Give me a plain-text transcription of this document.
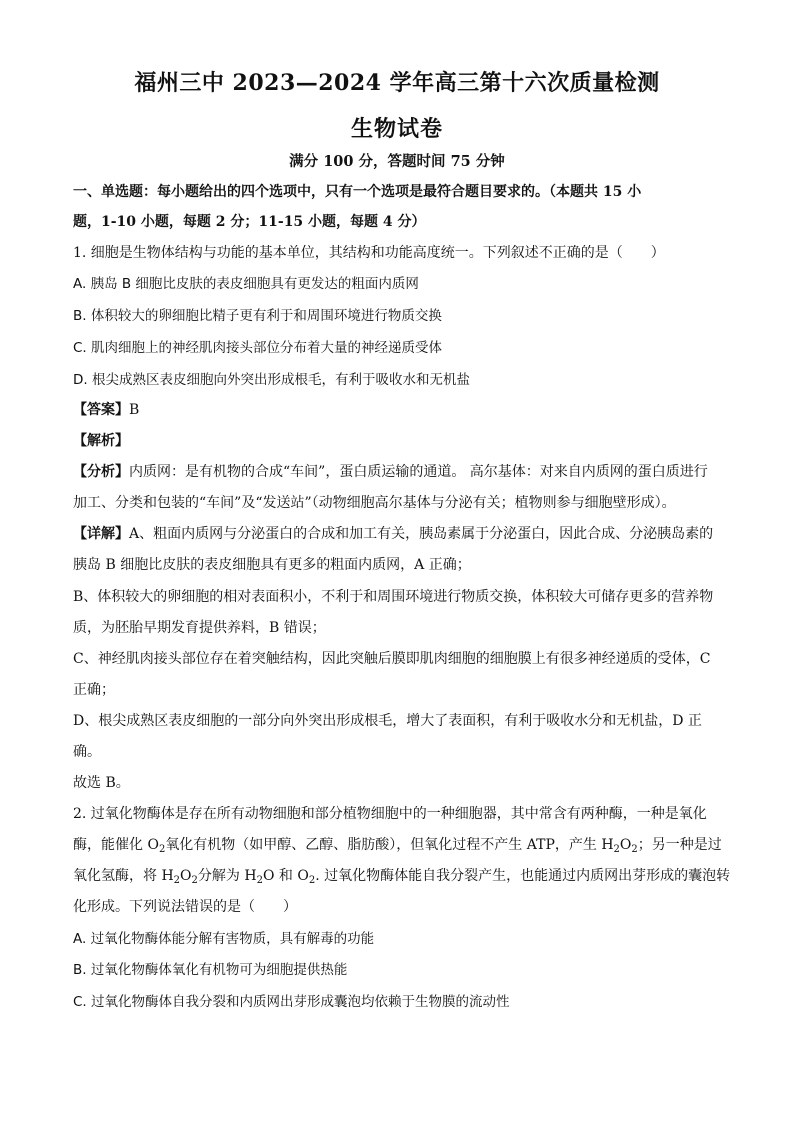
福州三中 2023—2024 学年高三第十六次质量检测
生物试卷
满分 100 分，答题时间 75 分钟
一、单选题：每小题给出的四个选项中，只有一个选项是最符合题目要求的。（本题共 15 小
题，1-10 小题，每题 2 分；11-15 小题，每题 4 分）
1. 细胞是生物体结构与功能的基本单位，其结构和功能高度统一。下列叙述不正确的是（　　）
A. 胰岛 B 细胞比皮肤的表皮细胞具有更发达的粗面内质网
B. 体积较大的卵细胞比精子更有利于和周围环境进行物质交换
C. 肌肉细胞上的神经肌肉接头部位分布着大量的神经递质受体
D. 根尖成熟区表皮细胞向外突出形成根毛，有利于吸收水和无机盐
【答案】B
【解析】
【分析】内质网：是有机物的合成“车间”，蛋白质运输的通道。 高尔基体：对来自内质网的蛋白质进行
加工、分类和包装的“车间”及“发送站”（动物细胞高尔基体与分泌有关；植物则参与细胞壁形成）。
【详解】A、粗面内质网与分泌蛋白的合成和加工有关，胰岛素属于分泌蛋白，因此合成、分泌胰岛素的
胰岛 B 细胞比皮肤的表皮细胞具有更多的粗面内质网，A 正确；
B、体积较大的卵细胞的相对表面积小，不利于和周围环境进行物质交换，体积较大可储存更多的营养物
质，为胚胎早期发育提供养料，B 错误；
C、神经肌肉接头部位存在着突触结构，因此突触后膜即肌肉细胞的细胞膜上有很多神经递质的受体，C
正确；
D、根尖成熟区表皮细胞的一部分向外突出形成根毛，增大了表面积，有利于吸收水分和无机盐，D 正
确。
故选 B。
2. 过氧化物酶体是存在所有动物细胞和部分植物细胞中的一种细胞器，其中常含有两种酶，一种是氧化
酶，能催化 $O_2$氧化有机物（如甲醇、乙醇、脂肪酸），但氧化过程不产生 ATP，产生 $H_2O_2$；另一种是过
氧化氢酶，将 $H_2O_2$分解为 $H_2O$ 和 $O_2$. 过氧化物酶体能自我分裂产生，也能通过内质网出芽形成的囊泡转
化形成。下列说法错误的是（　　）
A. 过氧化物酶体能分解有害物质，具有解毒的功能
B. 过氧化物酶体氧化有机物可为细胞提供热能
C. 过氧化物酶体自我分裂和内质网出芽形成囊泡均依赖于生物膜的流动性
